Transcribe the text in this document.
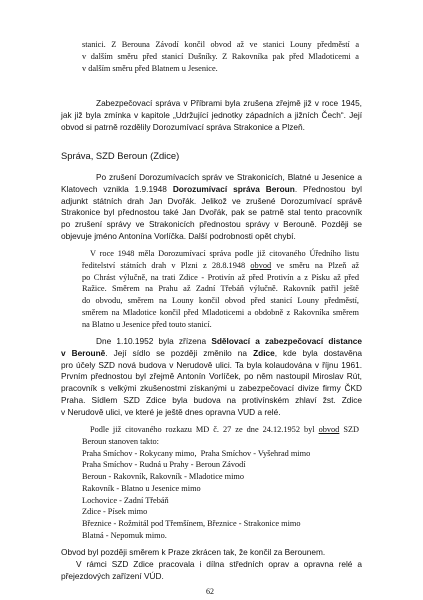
stanici. Z Berouna Závodí končil obvod až ve stanici Louny předměstí a
v dalším směru před stanicí Dušníky. Z Rakovníka pak před Mladoticemi a
v dalším směru před Blatnem u Jesenice.
Zabezpečovací správa v Příbrami byla zrušena zřejmě již v roce 1945,
jak již byla zmínka v kapitole „Udržující jednotky západních a jižních Čech“. Její
obvod si patrně rozdělily Dorozumívací správa Strakonice a Plzeň.
Správa, SZD Beroun (Zdice)
Po zrušení Dorozumívacích správ ve Strakonicích, Blatné u Jesenice a
Klatovech vznikla 1.9.1948 Dorozumívací správa Beroun. Přednostou byl
adjunkt státních drah Jan Dvořák. Jelikož ve zrušené Dorozumívací správě
Strakonice byl přednostou také Jan Dvořák, pak se patrně stal tento pracovník
po zrušení správy ve Strakonicích přednostou správy v Berouně. Později se
objevuje jméno Antonína Vorlíčka. Další podrobnosti opět chybí.
V roce 1948 měla Dorozumívací správa podle již citovaného Úředního listu
ředitelství státních drah v Plzni z 28.8.1948 obvod ve směru na Plzeň až
po Chrást výlučně, na trati Zdice - Protivín až před Protivín a z Písku až před
Ražice. Směrem na Prahu až Zadní Třebáň výlučně. Rakovník patřil ještě
do obvodu, směrem na Louny končil obvod před stanicí Louny předměstí,
směrem na Mladotice končil před Mladoticemi a obdobně z Rakovníka směrem
na Blatno u Jesenice před touto stanicí.
Dne 1.10.1952 byla zřízena Sdělovací a zabezpečovací distance
v Berouně. Její sídlo se později změnilo na Zdice, kde byla dostavěna
pro účely SZD nová budova v Nerudově ulici. Ta byla kolaudována v říjnu 1961.
Prvním přednostou byl zřejmě Antonín Vorlíček, po něm nastoupil Miroslav Rút,
pracovník s velkými zkušenostmi získanými u zabezpečovací divize firmy ČKD
Praha. Sídlem SZD Zdice byla budova na protivínském zhlaví žst. Zdice
v Nerudově ulici, ve které je ještě dnes opravna VUD a relé.
Podle již citovaného rozkazu MD č. 27 ze dne 24.12.1952 byl obvod SZD
Beroun stanoven takto:
Praha Smíchov - Rokycany mimo,  Praha Smíchov - Vyšehrad mimo
Praha Smíchov - Rudná u Prahy - Beroun Závodí
Beroun - Rakovník, Rakovník - Mladotice mimo
Rakovník - Blatno u Jesenice mimo
Lochovice - Zadní Třebáň
Zdice - Písek mimo
Březnice - Rožmitál pod Třemšínem, Březnice - Strakonice mimo
Blatná - Nepomuk mimo.
Obvod byl později směrem k Praze zkrácen tak, že končil za Berounem.
V rámci SZD Zdice pracovala i dílna středních oprav a opravna relé a
přejezdových zařízení VÚD.
62
